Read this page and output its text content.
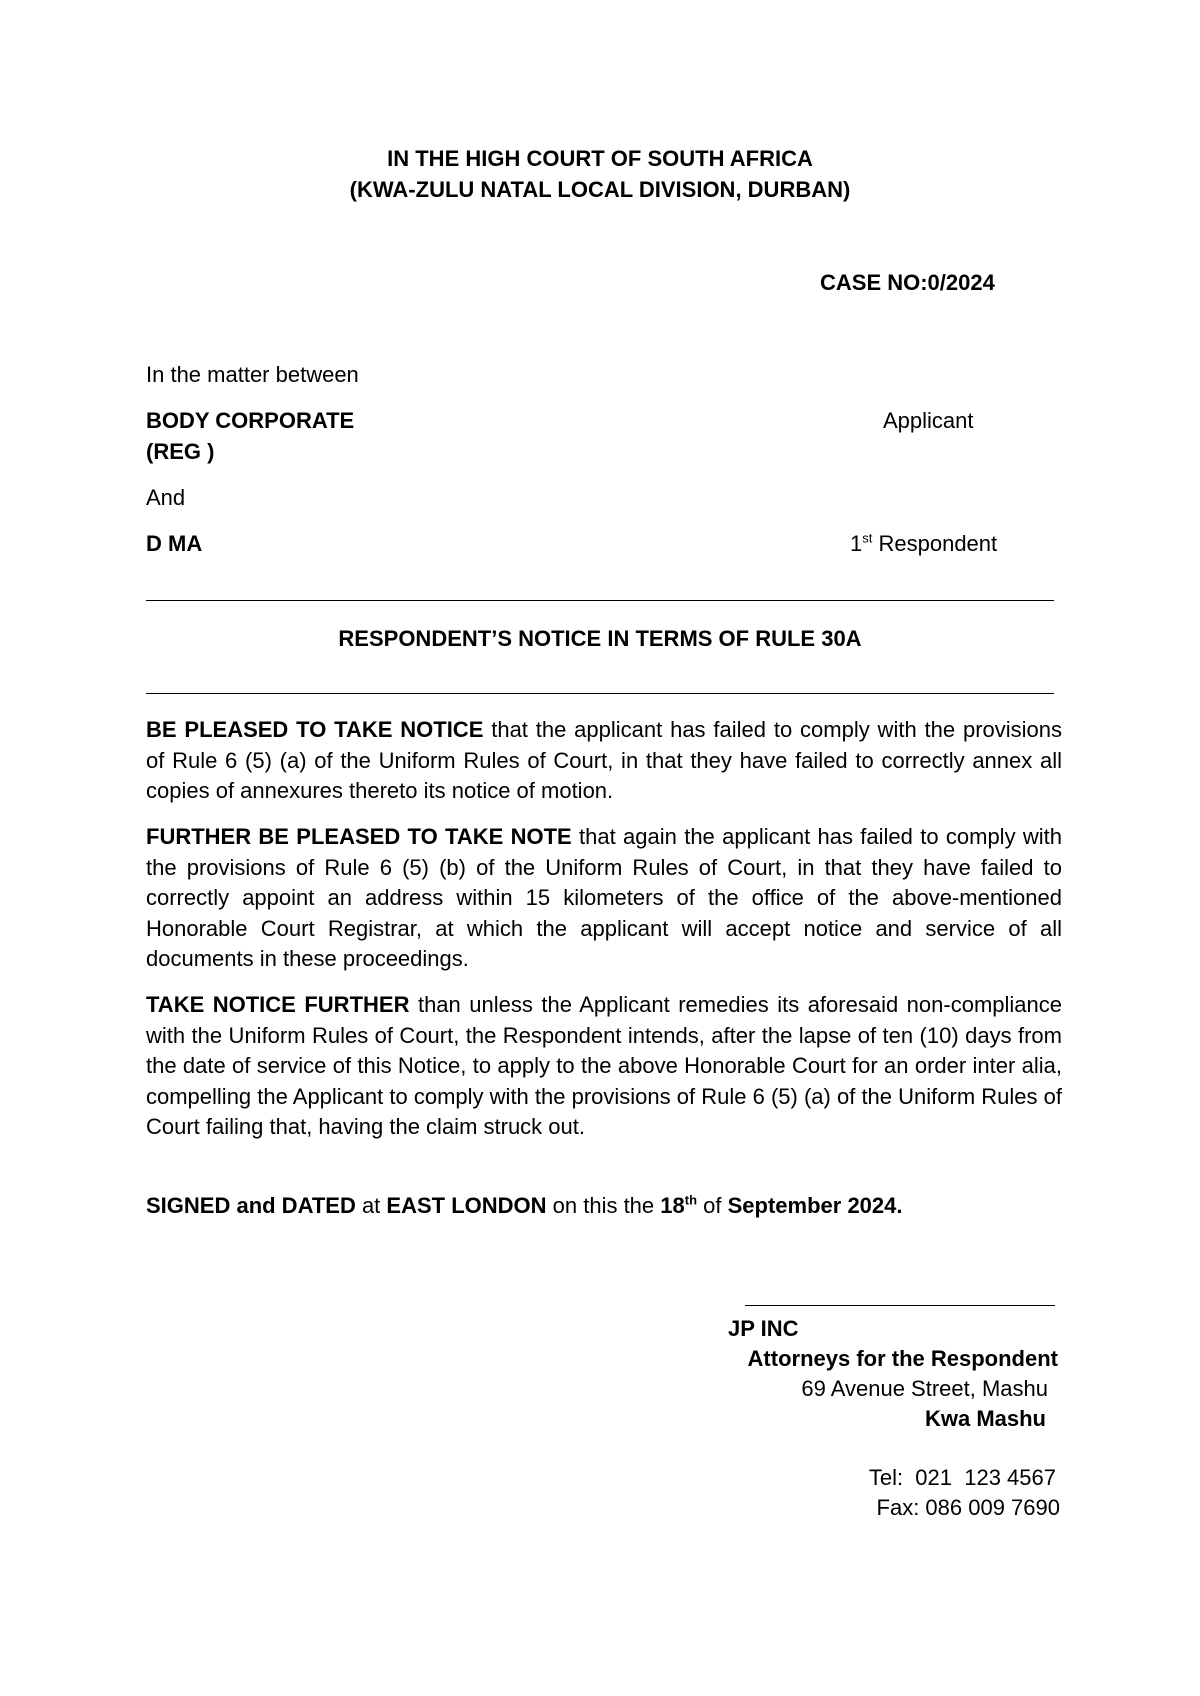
IN THE HIGH COURT OF SOUTH AFRICA
(KWA-ZULU NATAL LOCAL DIVISION, DURBAN)
CASE NO:0/2024
In the matter between
BODY CORPORATE
(REG )
Applicant
And
D MA	1st Respondent
RESPONDENT’S NOTICE IN TERMS OF RULE 30A
BE PLEASED TO TAKE NOTICE that the applicant has failed to comply with the provisions of Rule 6 (5) (a) of the Uniform Rules of Court, in that they have failed to correctly annex all copies of annexures thereto its notice of motion.
FURTHER BE PLEASED TO TAKE NOTE that again the applicant has failed to comply with the provisions of Rule 6 (5) (b) of the Uniform Rules of Court, in that they have failed to correctly appoint an address within 15 kilometers of the office of the above-mentioned Honorable Court Registrar, at which the applicant will accept notice and service of all documents in these proceedings.
TAKE NOTICE FURTHER than unless the Applicant remedies its aforesaid non-compliance with the Uniform Rules of Court, the Respondent intends, after the lapse of ten (10) days from the date of service of this Notice, to apply to the above Honorable Court for an order inter alia, compelling the Applicant to comply with the provisions of Rule 6 (5) (a) of the Uniform Rules of Court failing that, having the claim struck out.
SIGNED and DATED at EAST LONDON on this the 18th of September 2024.
JP INC
Attorneys for the Respondent
69 Avenue Street, Mashu
Kwa Mashu
Tel:  021  123 4567
Fax: 086 009 7690
